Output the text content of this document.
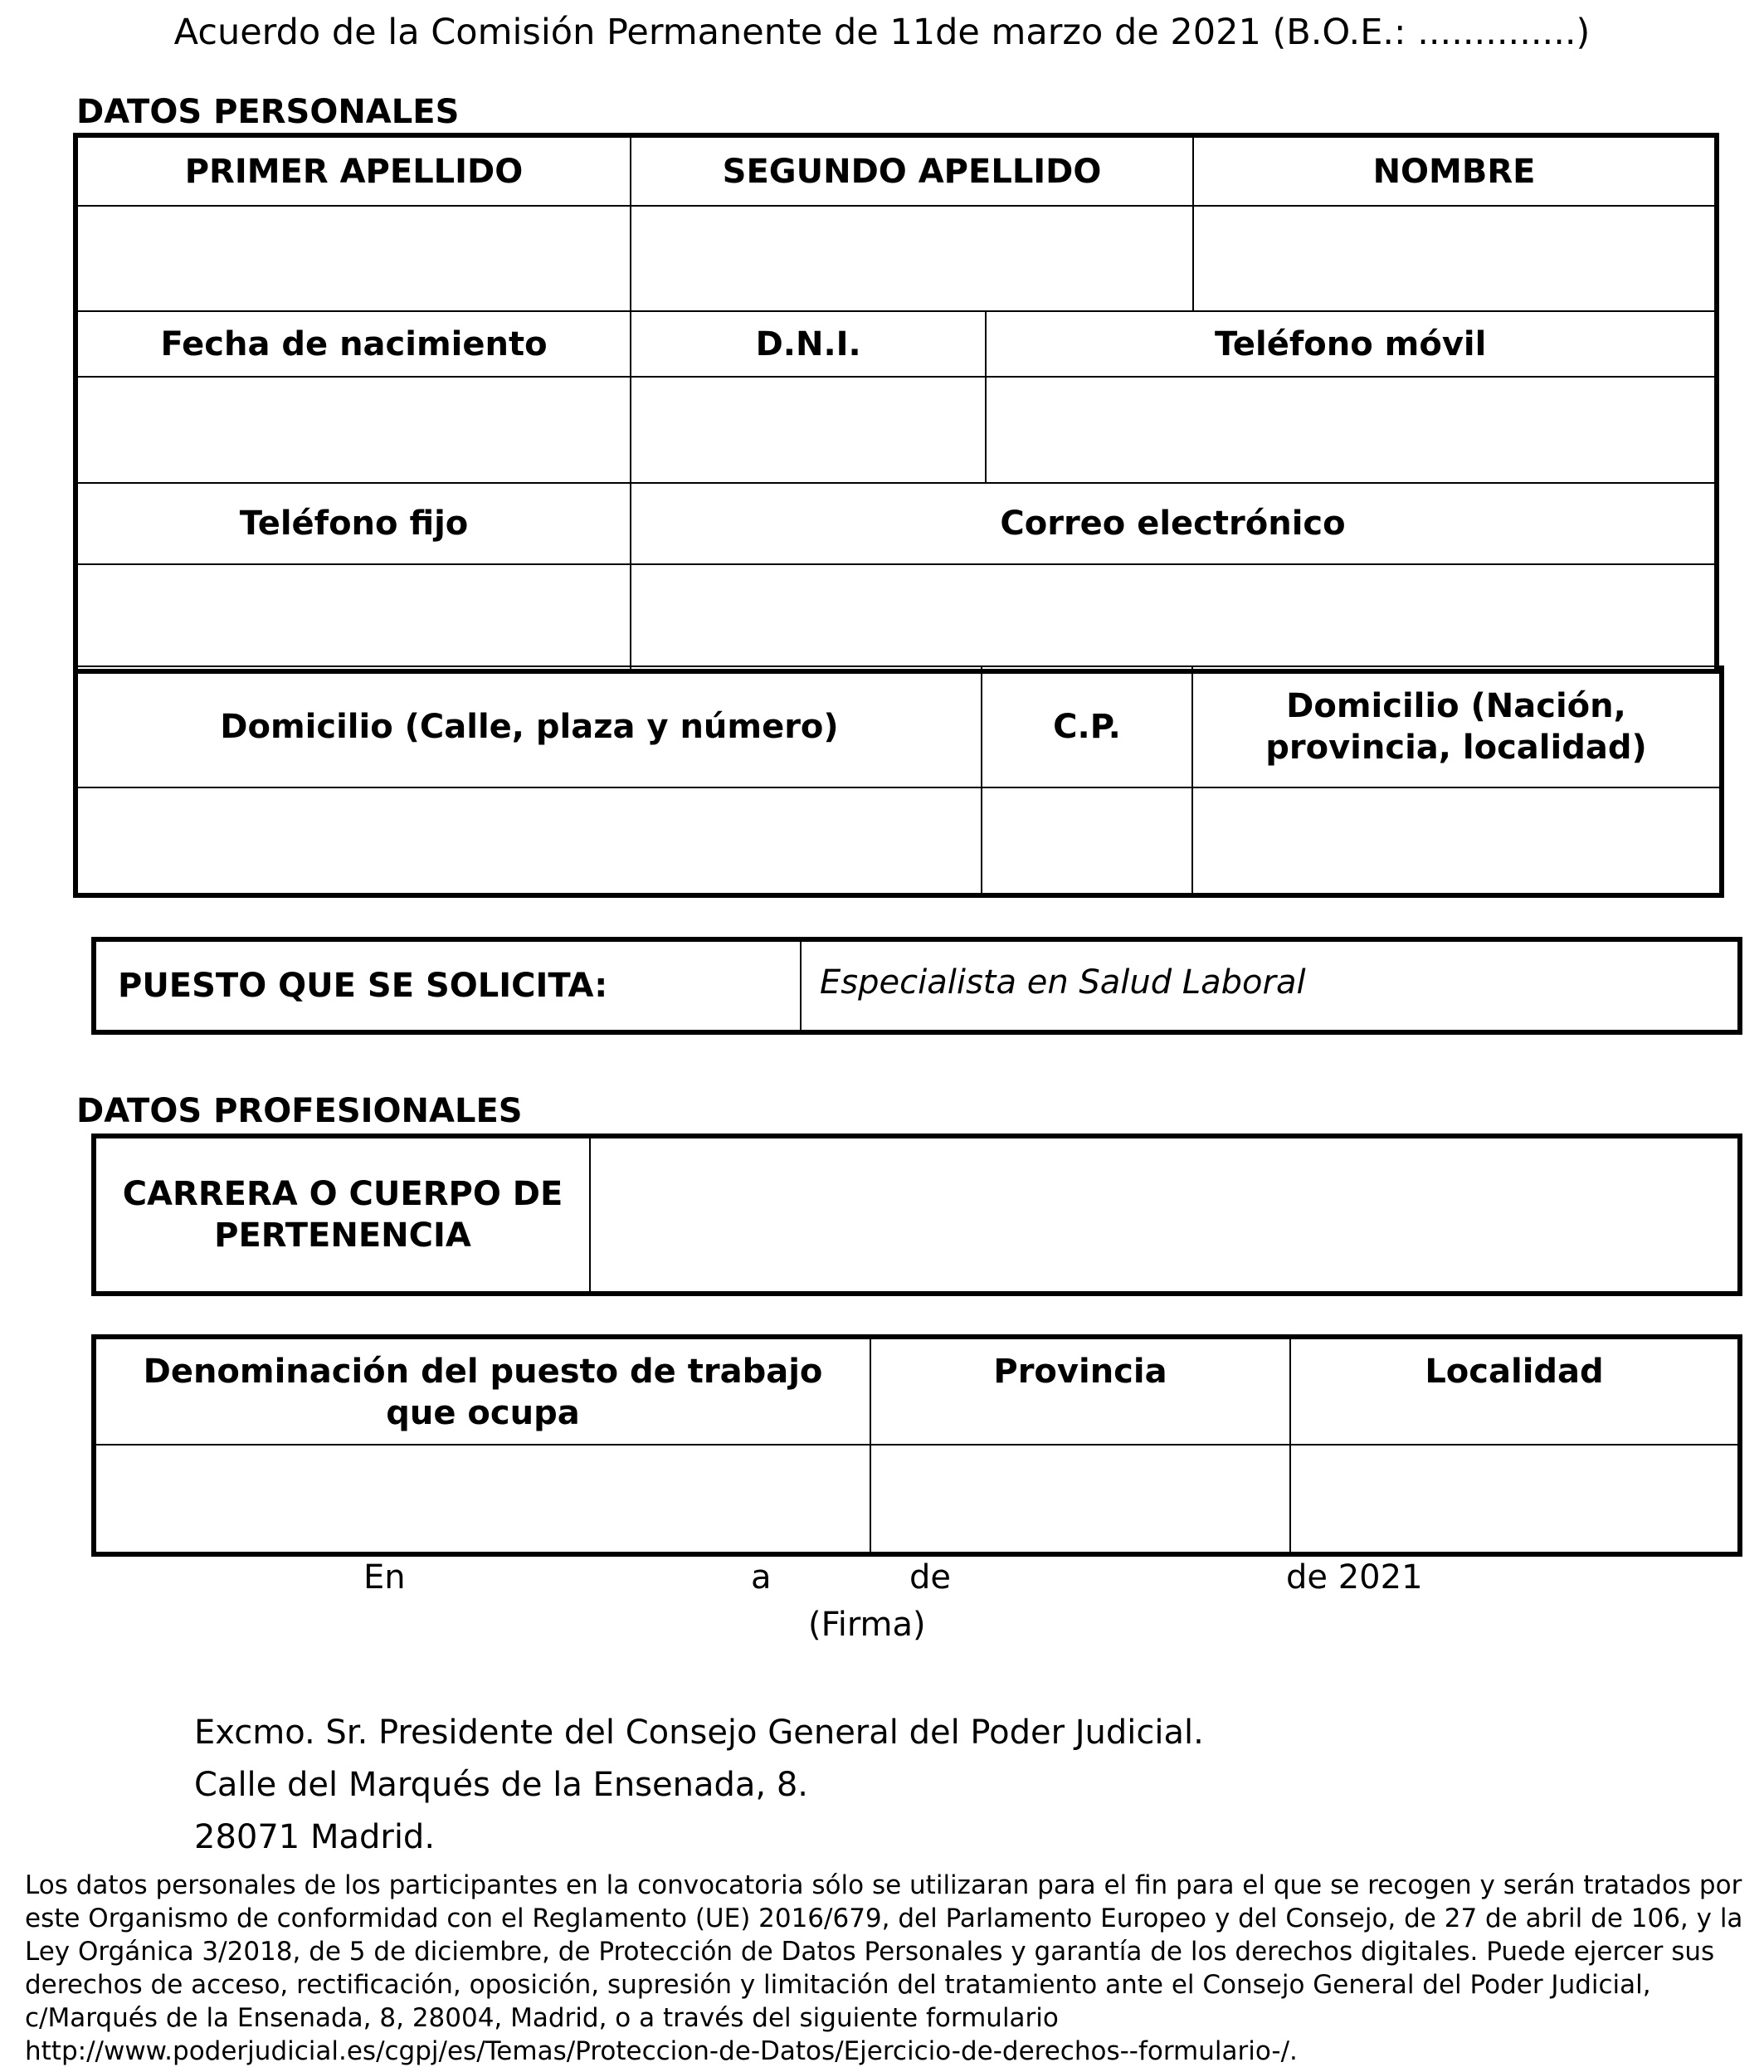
Acuerdo de la Comisión Permanente de 11de marzo de 2021 (B.O.E.: ..............)
DATOS PERSONALES
PRIMER APELLIDO	SEGUNDO APELLIDO		NOMBRE

Fecha de nacimiento	D.N.I.	Teléfono móvil	

Teléfono fijo	Correo electrónico		

Domicilio (Calle, plaza y número)	C.P.	Domicilio (Nación, provincia, localidad)

PUESTO QUE SE SOLICITA:	Especialista en Salud Laboral
DATOS PROFESIONALES
CARRERA O CUERPO DE PERTENENCIA	
Denominación del puesto de trabajo que ocupa	Provincia	Localidad

En	a	de	de 2021
(Firma)
Excmo. Sr. Presidente del Consejo General del Poder Judicial.
Calle del Marqués de la Ensenada, 8.
28071 Madrid.
Los datos personales de los participantes en la convocatoria sólo se utilizaran para el fin para el que se recogen y serán tratados por este Organismo de conformidad con el Reglamento (UE) 2016/679, del Parlamento Europeo y del Consejo, de 27 de abril de 106, y la Ley Orgánica 3/2018, de 5 de diciembre, de Protección de Datos Personales y garantía de los derechos digitales. Puede ejercer sus derechos de acceso, rectificación, oposición, supresión y limitación del tratamiento ante el Consejo General del Poder Judicial, c/Marqués de la Ensenada, 8, 28004, Madrid, o a través del siguiente formulario http://www.poderjudicial.es/cgpj/es/Temas/Proteccion-de-Datos/Ejercicio-de-derechos--formulario-/.
